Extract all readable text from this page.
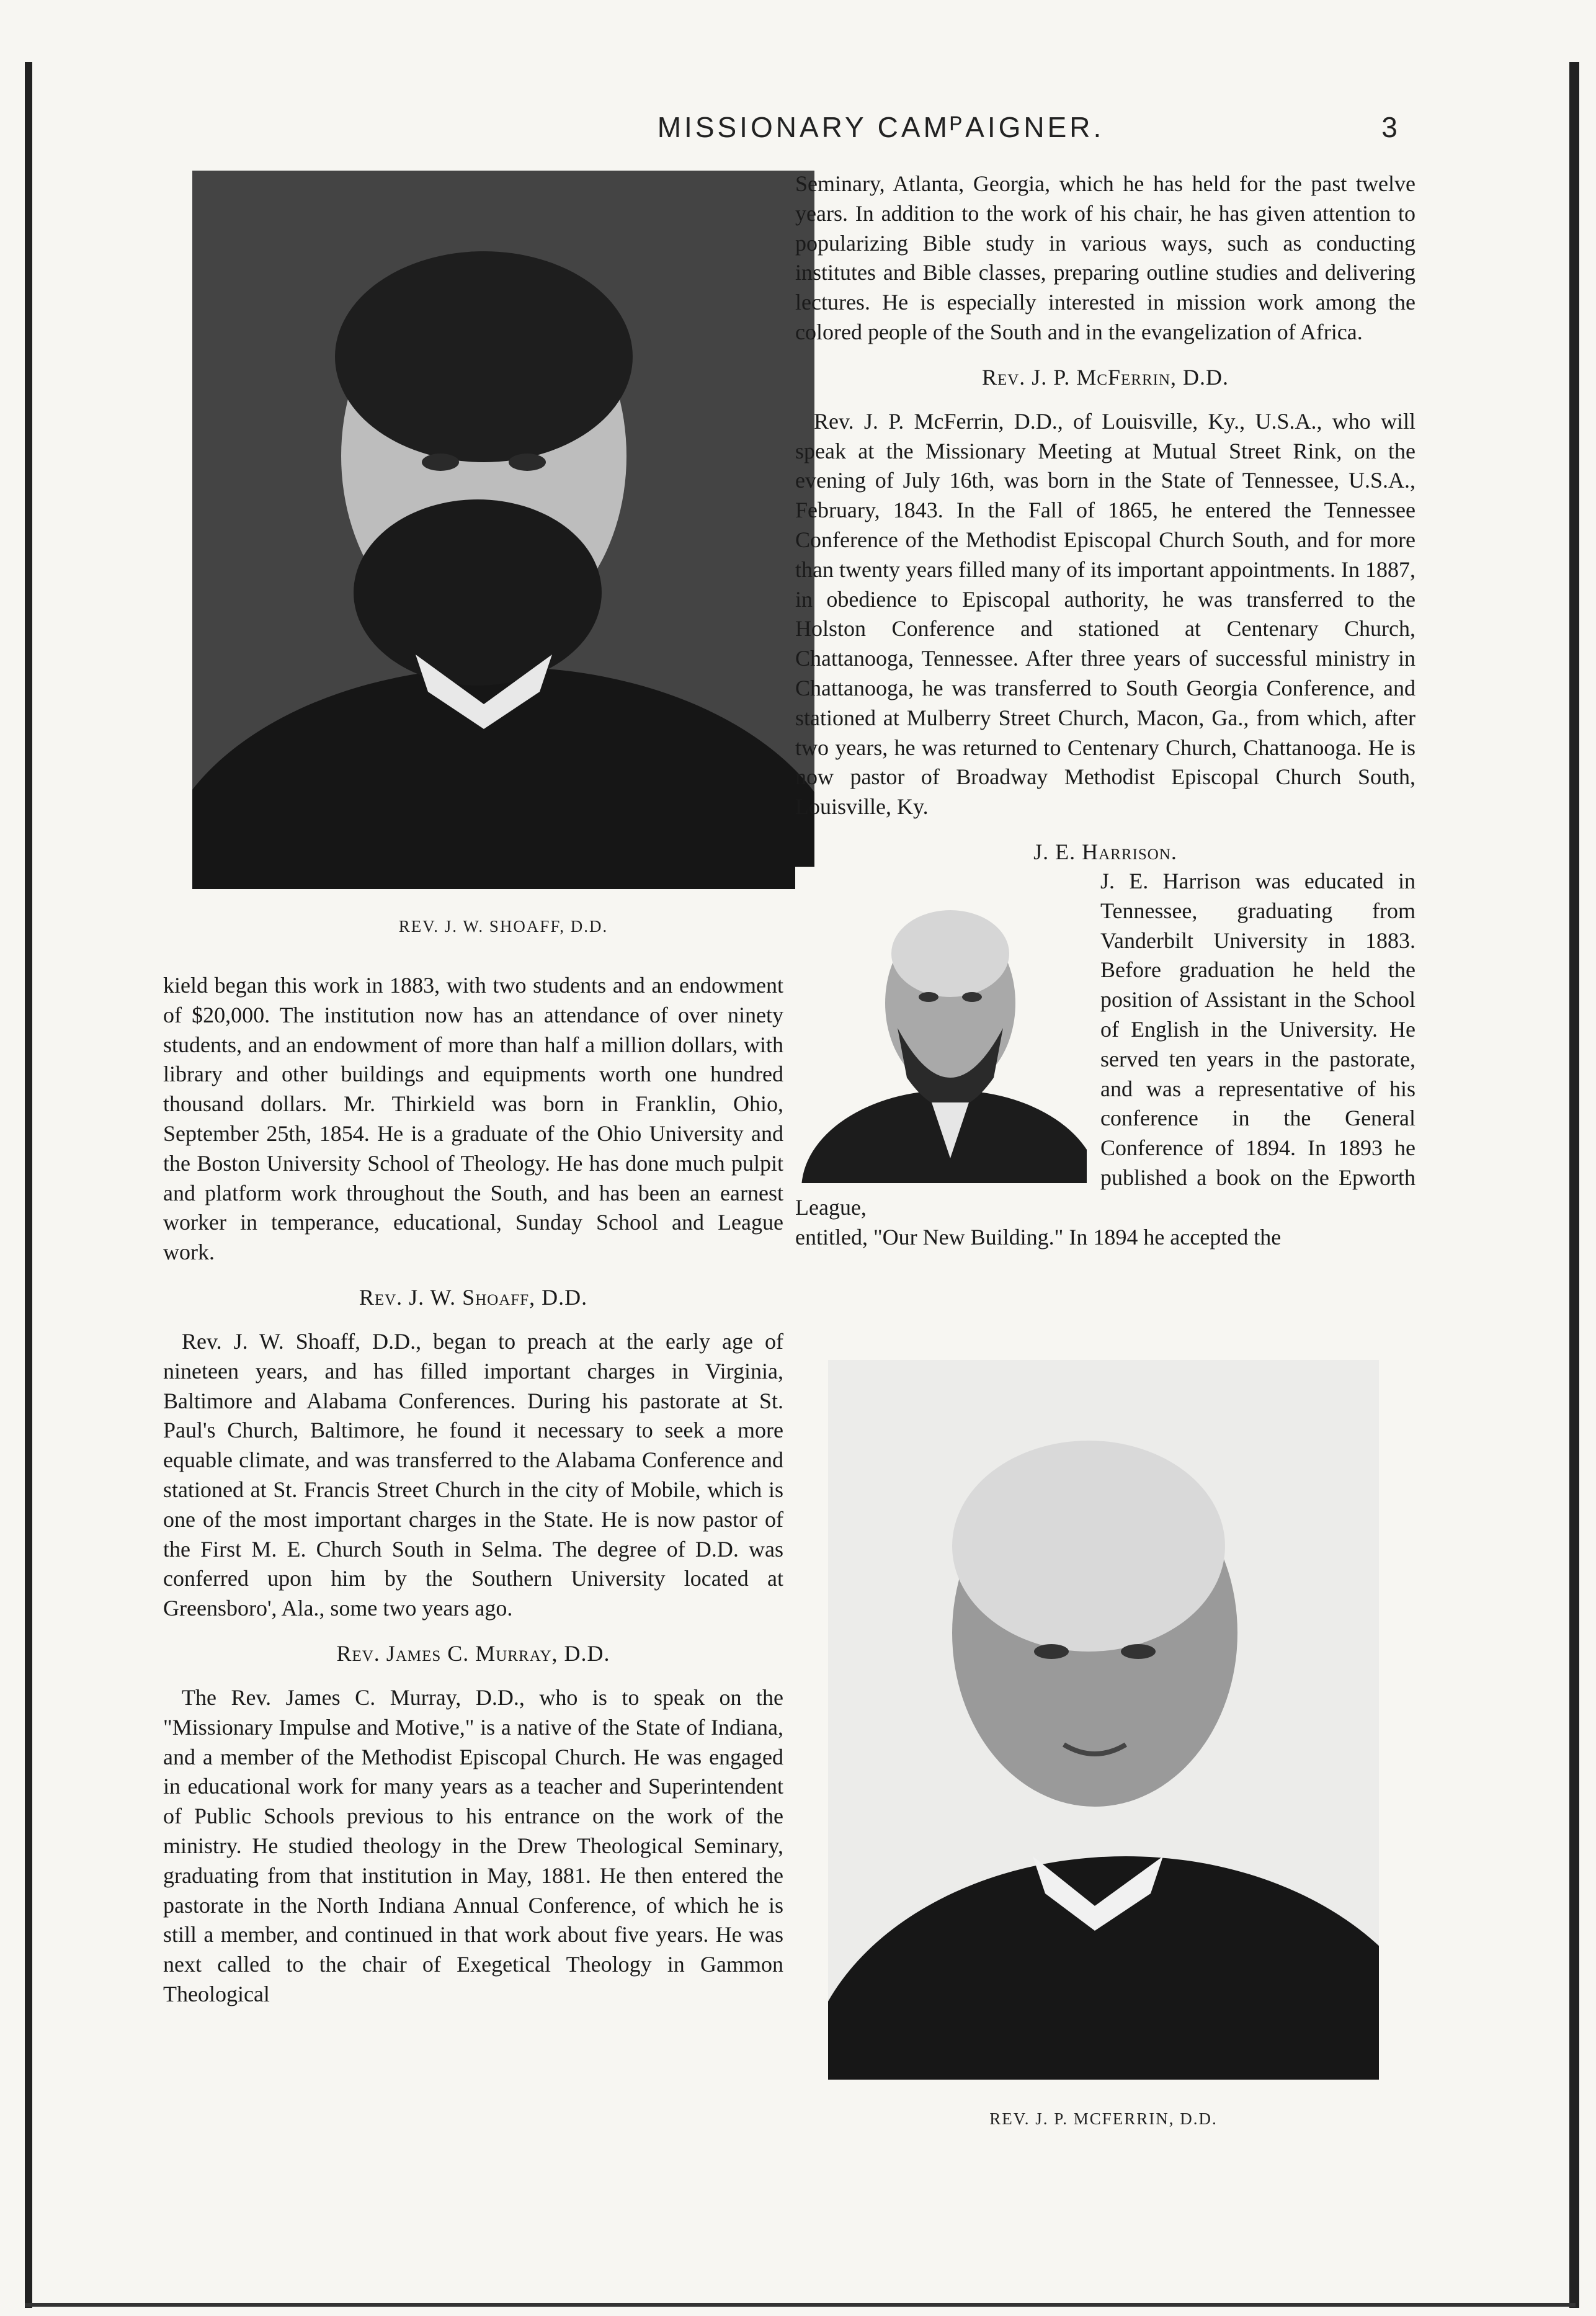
MISSIONARY CAMᴾAIGNER.	3
REV. J. W. SHOAFF, D.D.

kield began this work in 1883, with two students and an endowment of $20,000. The institution now has an attendance of over ninety students, and an endowment of more than half a million dollars, with library and other buildings and equipments worth one hundred thousand dollars. Mr. Thirkield was born in Franklin, Ohio, September 25th, 1854. He is a graduate of the Ohio University and the Boston University School of Theology. He has done much pulpit and platform work throughout the South, and has been an earnest worker in temperance, educational, Sunday School and League work.

Rev. J. W. Shoaff, D.D.

Rev. J. W. Shoaff, D.D., began to preach at the early age of nineteen years, and has filled important charges in Virginia, Baltimore and Alabama Conferences. During his pastorate at St. Paul's Church, Baltimore, he found it necessary to seek a more equable climate, and was transferred to the Alabama Conference and stationed at St. Francis Street Church in the city of Mobile, which is one of the most important charges in the State. He is now pastor of the First M. E. Church South in Selma. The degree of D.D. was conferred upon him by the Southern University located at Greensboro', Ala., some two years ago.

Rev. James C. Murray, D.D.

The Rev. James C. Murray, D.D., who is to speak on the "Missionary Impulse and Motive," is a native of the State of Indiana, and a member of the Methodist Episcopal Church. He was engaged in educational work for many years as a teacher and Superintendent of Public Schools previous to his entrance on the work of the ministry. He studied theology in the Drew Theological Seminary, graduating from that institution in May, 1881. He then entered the pastorate in the North Indiana Annual Conference, of which he is still a member, and continued in that work about five years. He was next called to the chair of Exegetical Theology in Gammon Theological

Seminary, Atlanta, Georgia, which he has held for the past twelve years. In addition to the work of his chair, he has given attention to popularizing Bible study in various ways, such as conducting institutes and Bible classes, preparing outline studies and delivering lectures. He is especially interested in mission work among the colored people of the South and in the evangelization of Africa.

Rev. J. P. McFerrin, D.D.

Rev. J. P. McFerrin, D.D., of Louisville, Ky., U.S.A., who will speak at the Missionary Meeting at Mutual Street Rink, on the evening of July 16th, was born in the State of Tennessee, U.S.A., February, 1843. In the Fall of 1865, he entered the Tennessee Conference of the Methodist Episcopal Church South, and for more than twenty years filled many of its important appointments. In 1887, in obedience to Episcopal authority, he was transferred to the Holston Conference and stationed at Centenary Church, Chattanooga, Tennessee. After three years of successful ministry in Chattanooga, he was transferred to South Georgia Conference, and stationed at Mulberry Street Church, Macon, Ga., from which, after two years, he was returned to Centenary Church, Chattanooga. He is now pastor of Broadway Methodist Episcopal Church South, Louisville, Ky.

J. E. Harrison.

J. E. Harrison was educated in Tennessee, graduating from Vanderbilt University in 1883. Before graduation he held the position of Assistant in the School of English in the University. He served ten years in the pastorate, and was a representative of his conference in the General Conference of 1894. In 1893 he published a book on the Epworth League,

entitled, "Our New Building." In 1894 he accepted the

REV. J. P. MCFERRIN, D.D.
